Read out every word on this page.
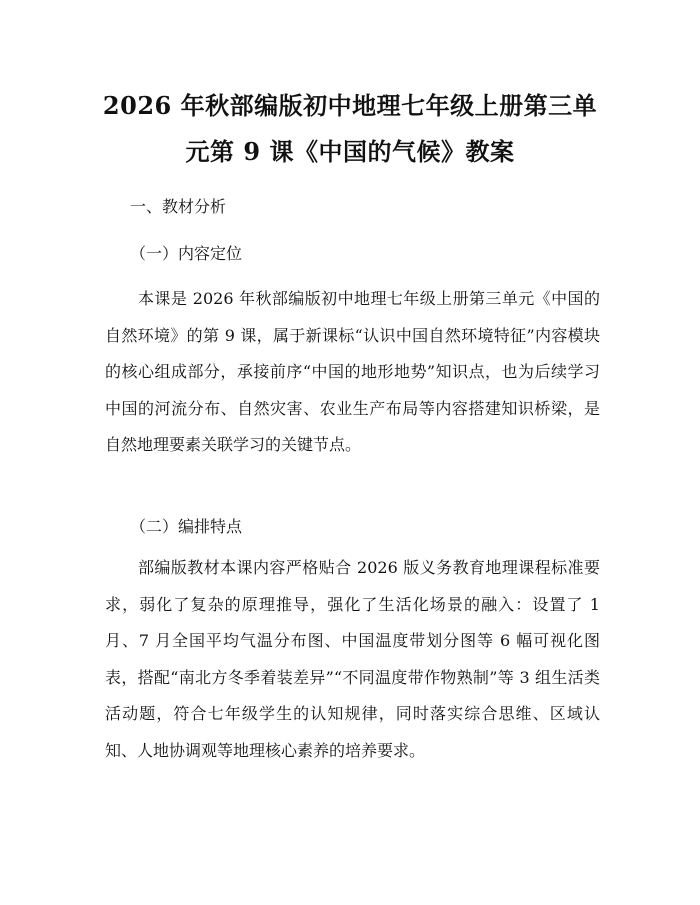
2026 年秋部编版初中地理七年级上册第三单
元第 9 课《中国的气候》教案
一、教材分析
（一）内容定位

本课是 2026 年秋部编版初中地理七年级上册第三单元《中国的自然环境》的第 9 课，属于新课标“认识中国自然环境特征”内容模块的核心组成部分，承接前序“中国的地形地势”知识点，也为后续学习中国的河流分布、自然灾害、农业生产布局等内容搭建知识桥梁，是自然地理要素关联学习的关键节点。

（二）编排特点

部编版教材本课内容严格贴合 2026 版义务教育地理课程标准要求，弱化了复杂的原理推导，强化了生活化场景的融入：设置了 1 月、7 月全国平均气温分布图、中国温度带划分图等 6 幅可视化图表，搭配“南北方冬季着装差异”“不同温度带作物熟制”等 3 组生活类活动题，符合七年级学生的认知规律，同时落实综合思维、区域认知、人地协调观等地理核心素养的培养要求。
